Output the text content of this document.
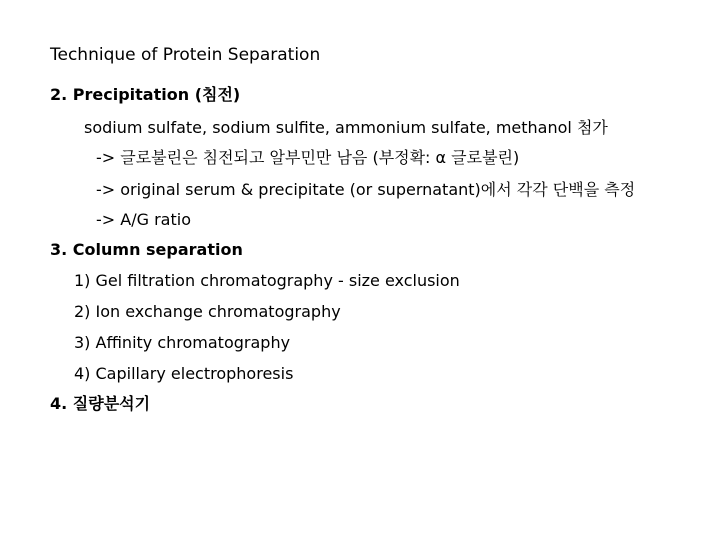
Technique of Protein Separation
2. Precipitation (침전)
sodium sulfate, sodium sulfite, ammonium sulfate, methanol 첨가
-> 글로불린은 침전되고 알부민만 남음 (부정확: α 글로불린)
-> original serum & precipitate (or supernatant)에서 각각 단백을 측정
-> A/G ratio
3. Column separation
1) Gel filtration chromatography - size exclusion
2) Ion exchange chromatography
3) Affinity chromatography
4) Capillary electrophoresis
4. 질량분석기
